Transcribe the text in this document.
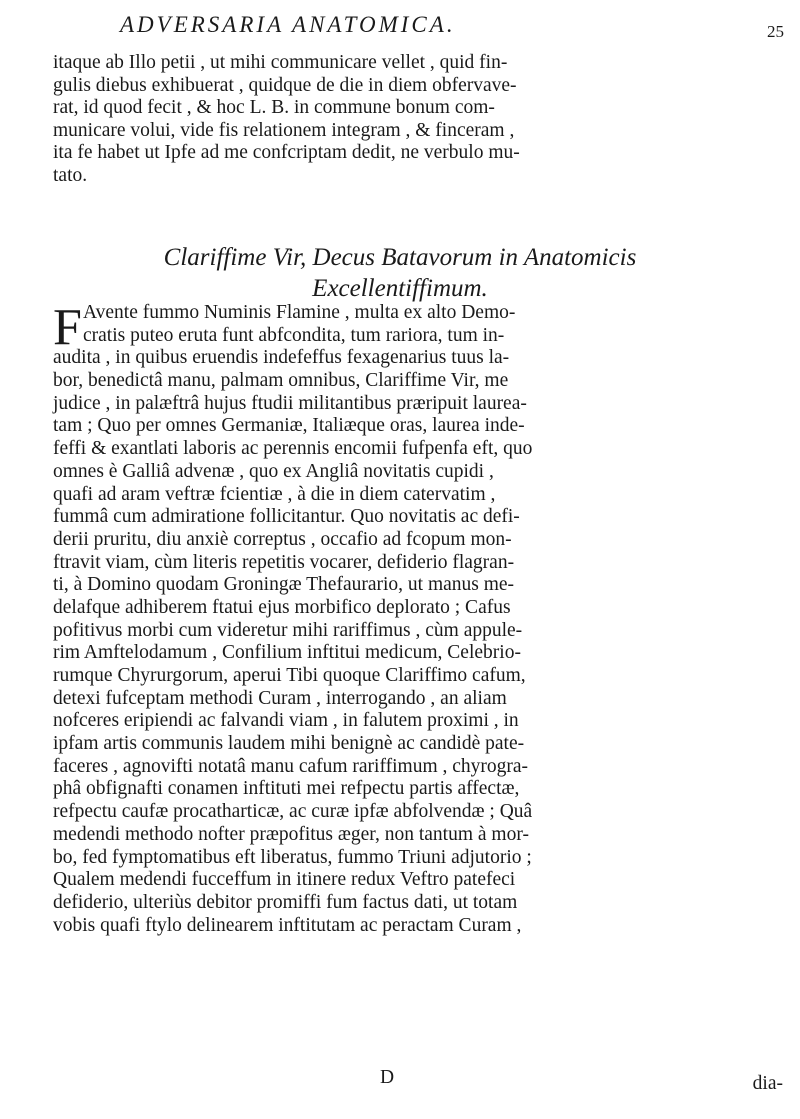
ADVERSARIA ANATOMICA.	25
itaque ab Illo petii , ut mihi communicare vellet , quid fin-
gulis diebus exhibuerat , quidque de die in diem obfervave-
rat, id quod fecit , & hoc L. B. in commune bonum com-
municare volui, vide fis relationem integram , & finceram ,
ita fe habet ut Ipfe ad me confcriptam dedit, ne verbulo mu-
tato.
Clariffime Vir, Decus Batavorum in Anatomicis
Excellentiffimum.
F Avente fummo Numinis Flamine , multa ex alto Demo-
cratis puteo eruta funt abfcondita, tum rariora, tum in-
audita , in quibus eruendis indefeffus fexagenarius tuus la-
bor, benedictâ manu, palmam omnibus, Clariffime Vir, me
judice , in palæftrâ hujus ftudii militantibus præripuit laurea-
tam ; Quo per omnes Germaniæ, Italiæque oras, laurea inde-
feffi & exantlati laboris ac perennis encomii fufpenfa eft, quo
omnes è Galliâ advenæ , quo ex Angliâ novitatis cupidi ,
quafi ad aram veftræ fcientiæ , à die in diem catervatim ,
fummâ cum admiratione follicitantur. Quo novitatis ac defi-
derii pruritu, diu anxiè correptus , occafio ad fcopum mon-
ftravit viam, cùm literis repetitis vocarer, defiderio flagran-
ti, à Domino quodam Groningæ Thefaurario, ut manus me-
delafque adhiberem ftatui ejus morbifico deplorato ; Cafus
pofitivus morbi cum videretur mihi rariffimus , cùm appule-
rim Amftelodamum , Confilium inftitui medicum, Celebrio-
rumque Chyrurgorum, aperui Tibi quoque Clariffimo cafum,
detexi fufceptam methodi Curam , interrogando , an aliam
nofceres eripiendi ac falvandi viam , in falutem proximi , in
ipfam artis communis laudem mihi benignè ac candidè pate-
faceres , agnovifti notatâ manu cafum rariffimum , chyrogra-
phâ obfignafti conamen inftituti mei refpectu partis affectæ,
refpectu caufæ procatharticæ, ac curæ ipfæ abfolvendæ ; Quâ
medendi methodo nofter præpofitus æger, non tantum à mor-
bo, fed fymptomatibus eft liberatus, fummo Triuni adjutorio ;
Qualem medendi fucceffum in itinere redux Veftro patefeci
defiderio, ulteriùs debitor promiffi fum factus dati, ut totam
vobis quafi ftylo delinearem inftitutam ac peractam Curam ,
D	dia-
